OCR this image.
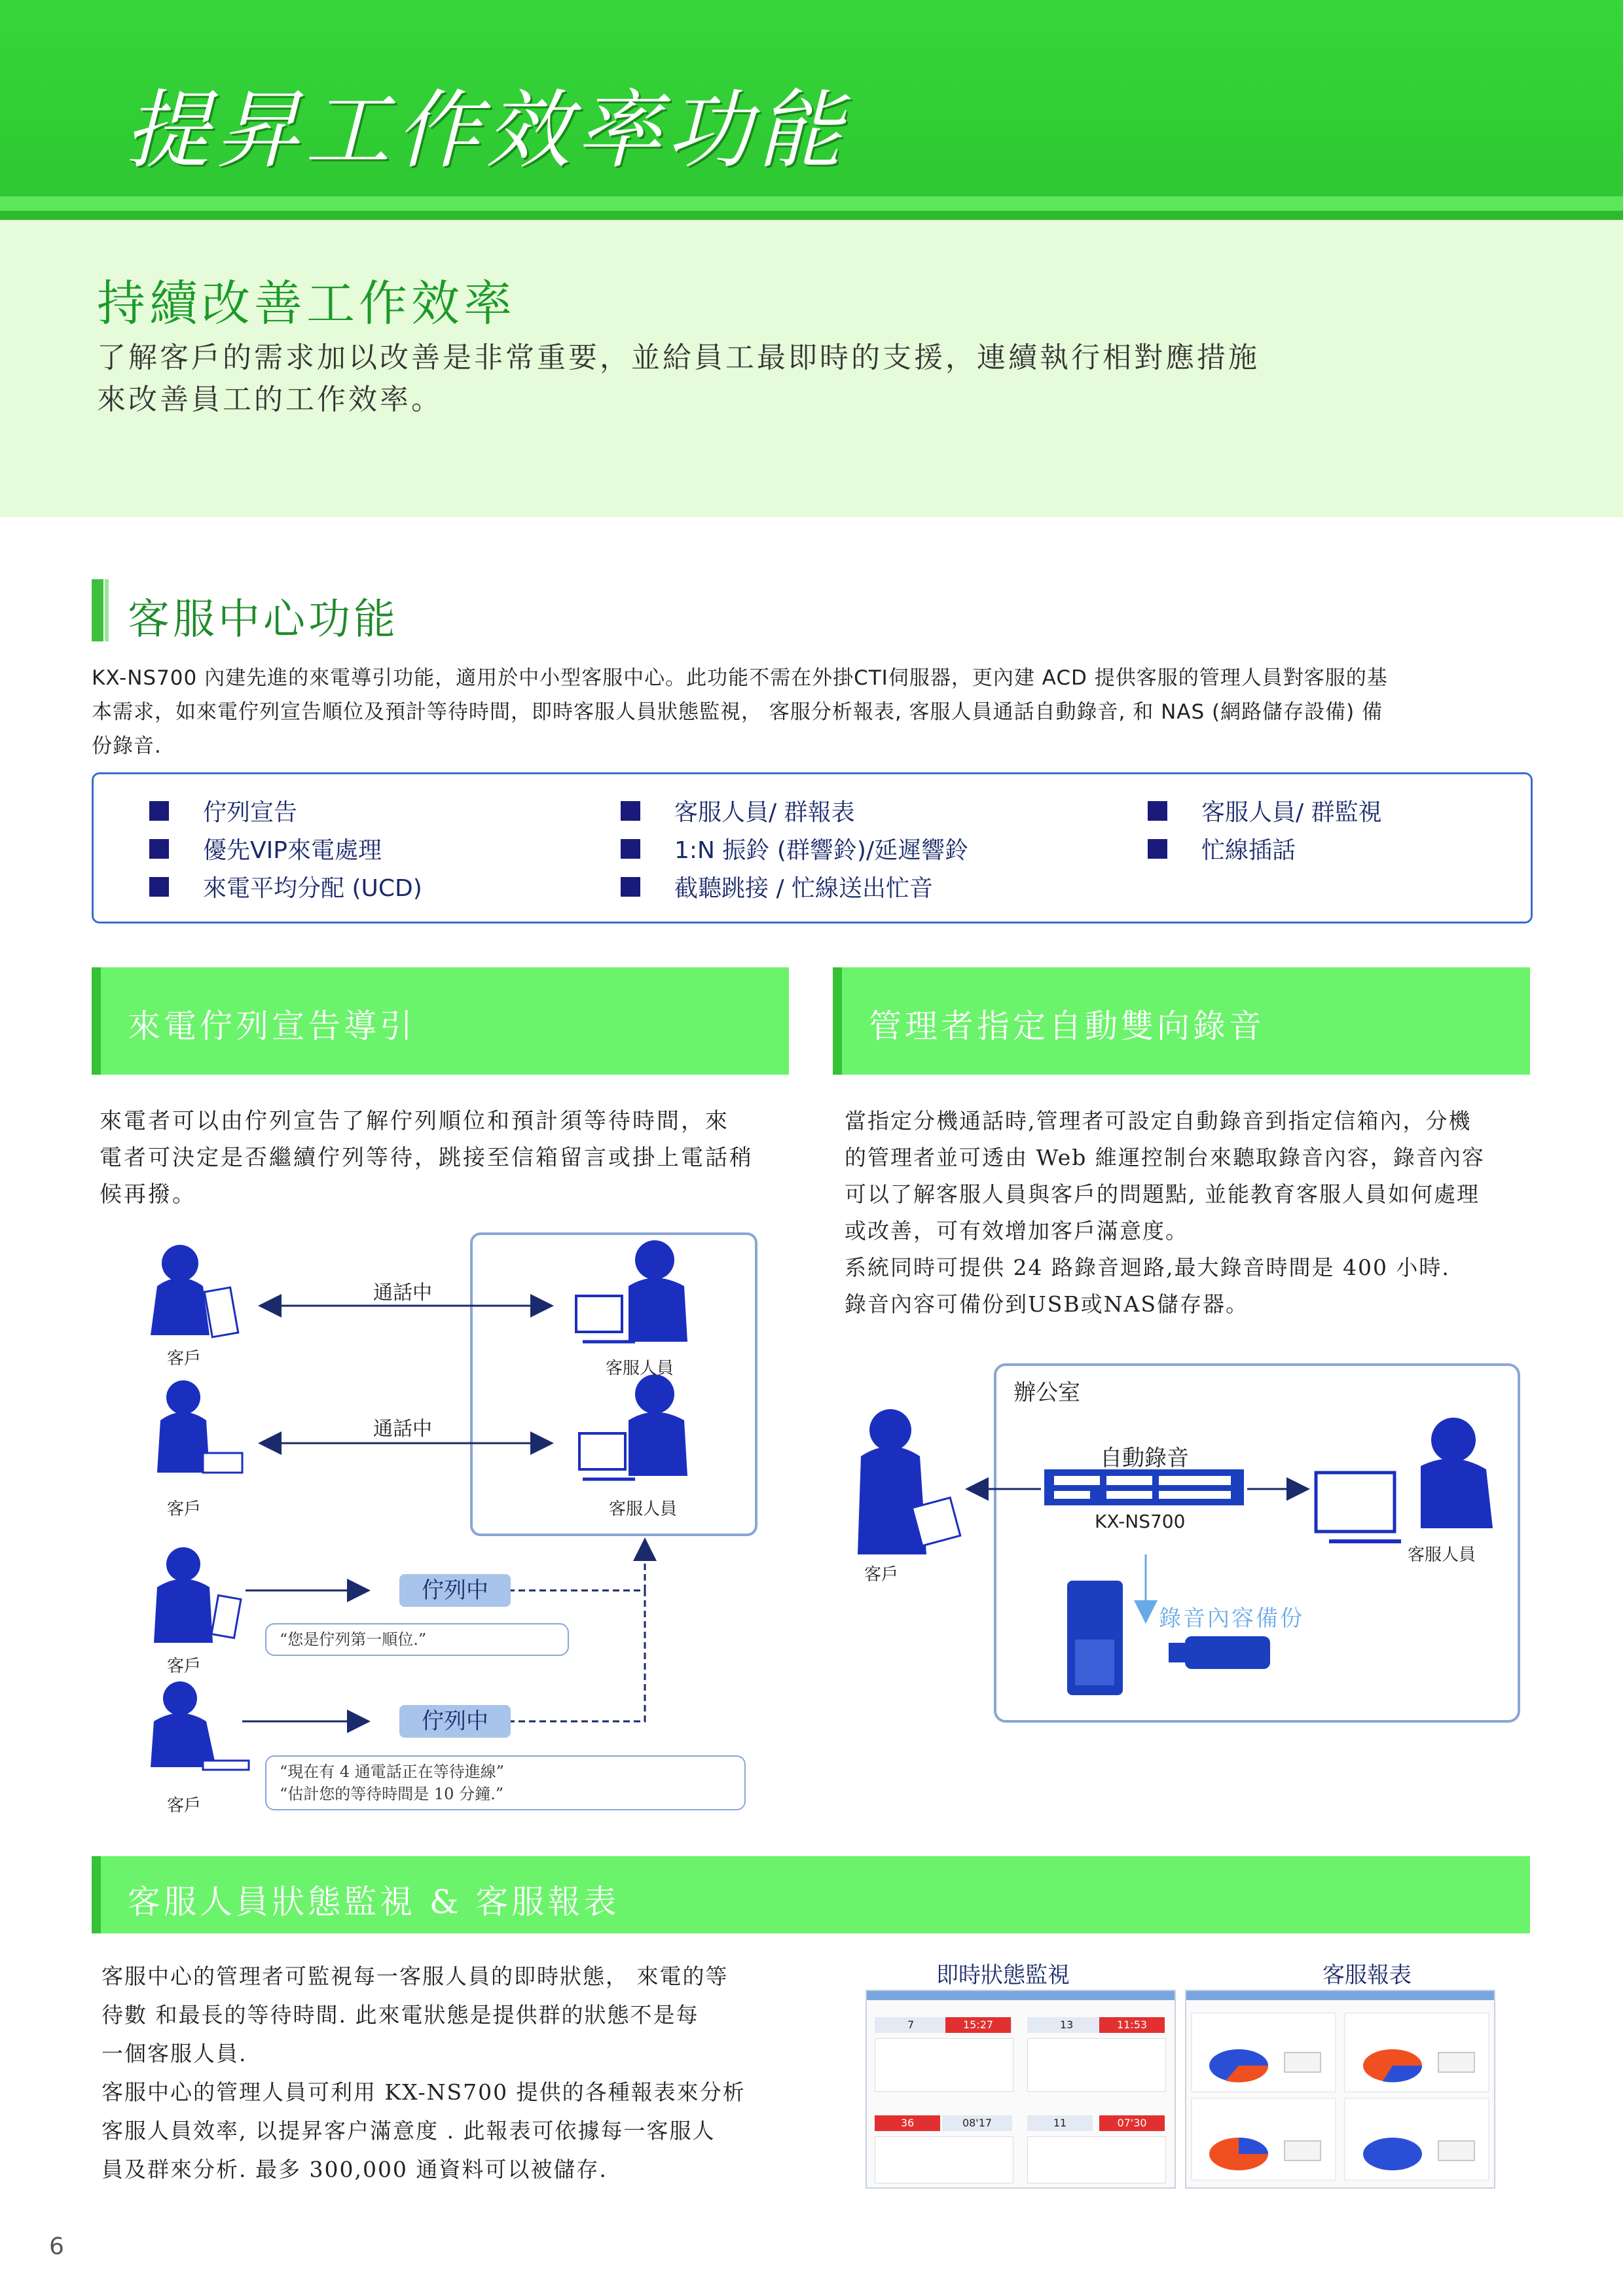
提昇工作效率功能
持續改善工作效率
了解客戶的需求加以改善是非常重要，並給員工最即時的支援，連續執行相對應措施
來改善員工的工作效率。
客服中心功能
KX-NS700 內建先進的來電導引功能，適用於中小型客服中心。此功能不需在外掛CTI伺服器，更內建 ACD 提供客服的管理人員對客服的基
本需求，如來電佇列宣告順位及預計等待時間，即時客服人員狀態監視， 客服分析報表, 客服人員通話自動錄音, 和 NAS (網路儲存設備) 備
份錄音.
佇列宣告
優先VIP來電處理
來電平均分配 (UCD)
客服人員/ 群報表
1:N 振鈴 (群響鈴)/延遲響鈴
截聽跳接 / 忙線送出忙音
客服人員/ 群監視
忙線插話
來電佇列宣告導引
來電者可以由佇列宣告了解佇列順位和預計須等待時間，來
電者可決定是否繼續佇列等待，跳接至信箱留言或掛上電話稍
候再撥。
通話中
通話中
客戶
客戶
客戶
客戶
客服人員
客服人員
佇列中
佇列中
“您是佇列第一順位.”
“現在有 4 通電話正在等待進線”
“估計您的等待時間是 10 分鐘.”
管理者指定自動雙向錄音
當指定分機通話時,管理者可設定自動錄音到指定信箱內，分機
的管理者並可透由 Web 維運控制台來聽取錄音內容，錄音內容
可以了解客服人員與客戶的問題點, 並能教育客服人員如何處理
或改善，可有效增加客戶滿意度。
系統同時可提供 24 路錄音迴路,最大錄音時間是 400 小時.
錄音內容可備份到USB或NAS儲存器。
辦公室
自動錄音
KX-NS700
客戶
客服人員
錄音內容備份
客服人員狀態監視 & 客服報表
客服中心的管理者可監視每一客服人員的即時狀態， 來電的等
待數 和最長的等待時間. 此來電狀態是提供群的狀態不是每
一個客服人員.
客服中心的管理人員可利用 KX-NS700 提供的各種報表來分析
客服人員效率, 以提昇客户滿意度 . 此報表可依據每一客服人
員及群來分析. 最多 300,000 通資料可以被儲存.
即時狀態監視	客服報表
7	15:27	13	11:53
36	08'17	11	07'30
6
